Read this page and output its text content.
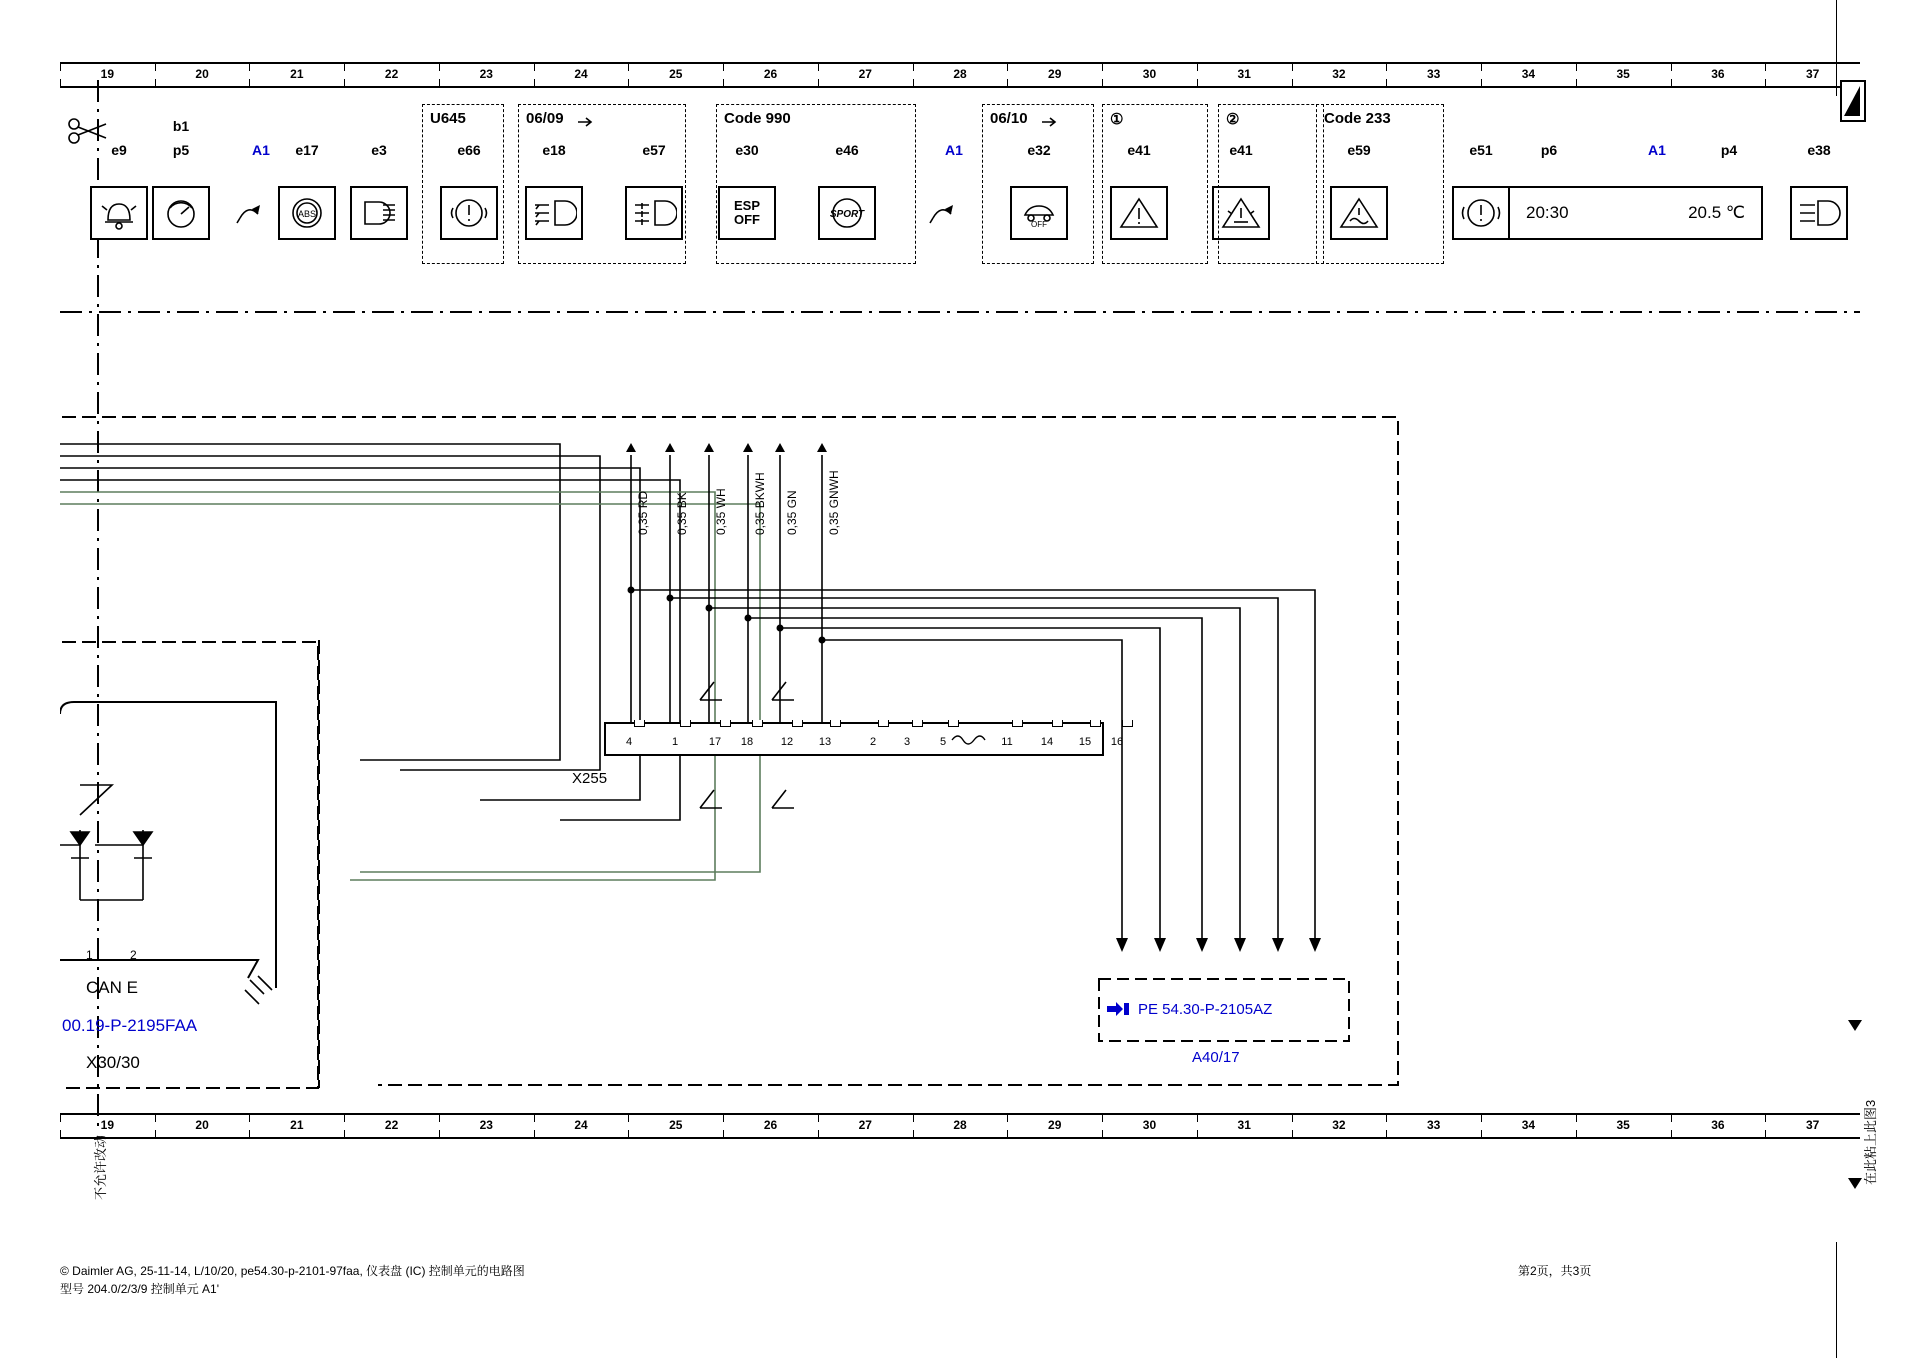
19	20	21	22	23	24	25	26	27	28	29	30	31	32	33	34	35	36	37
19	20	21	22	23	24	25	26	27	28	29	30	31	32	33	34	35	36	37
e9	p5
b1
A1
ABS
e17	e3	e66	e18	e57
ESP
OFF
e30
SPORT
e46	A1
OFF
e32	e41	e41	e59	e51	p6	A1	p4	e38
U645	06/09	Code 990	06/10	①	②	Code 233
20:30	20.5 ℃
0,35 RD 0,35 BK 0,35 WH 0,35 BKWH 0,35 GN 0,35 GNWH
4	1	17 18	12 13	2	3	5	11	14 15 16
X255
PE 54.30-P-2105AZ
A40/17
1	2
CAN E
00.19-P-2195FAA
X30/30
不允许改动	在此粘上此图3
© Daimler AG, 25-11-14, L/10/20, pe54.30-p-2101-97faa, 仪表盘 (IC) 控制单元的电路图
型号 204.0/2/3/9 控制单元 A1'
第2页，共3页
